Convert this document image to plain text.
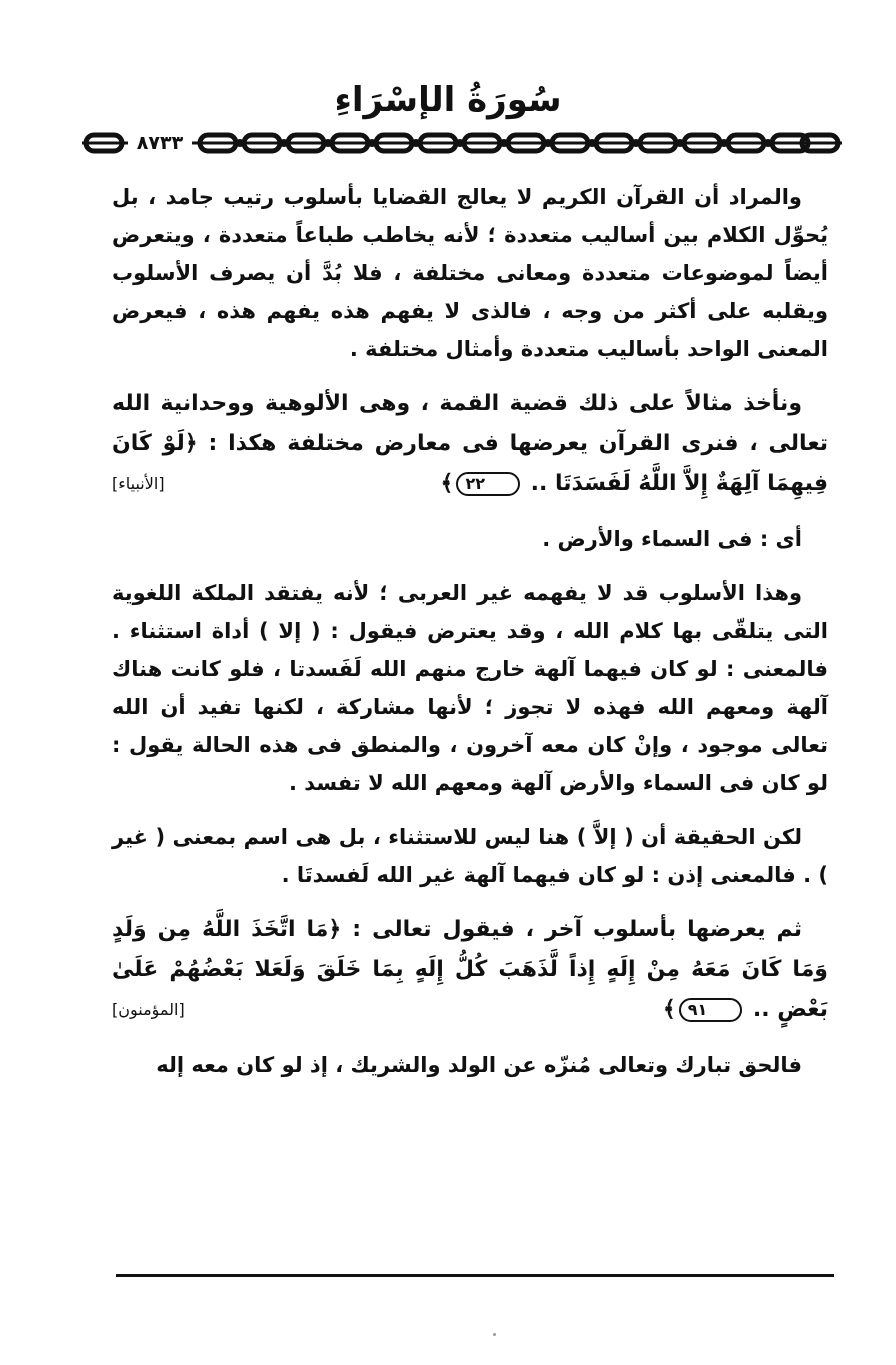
سُورَةُ الإسْرَاءِ
٨٧٣٣

والمراد أن القرآن الكريم لا يعالج القضايا بأسلوب رتيب جامد ، بل يُحوِّل الكلام بين أساليب متعددة ؛ لأنه يخاطب طباعاً متعددة ، ويتعرض أيضاً لموضوعات متعددة ومعانى مختلفة ، فلا بُدَّ أن يصرف الأسلوب ويقلبه على أكثر من وجه ، فالذى لا يفهم هذه يفهم هذه ، فيعرض المعنى الواحد بأساليب متعددة وأمثال مختلفة .

ونأخذ مثالاً على ذلك قضية القمة ، وهى الألوهية ووحدانية الله تعالى ، فنرى القرآن يعرضها فى معارض مختلفة هكذا : ﴿لَوْ كَانَ فِيهِمَا آلِهَةٌ إِلاَّ اللَّهُ لَفَسَدَتَا .. ٢٢﴾
[الأنبياء]

أى : فى السماء والأرض .

وهذا الأسلوب قد لا يفهمه غير العربى ؛ لأنه يفتقد الملكة اللغوية التى يتلقّى بها كلام الله ، وقد يعترض فيقول : ( إلا ) أداة استثناء . فالمعنى : لو كان فيهما آلهة خارج منهم الله لَفَسدتا ، فلو كانت هناك آلهة ومعهم الله فهذه لا تجوز ؛ لأنها مشاركة ، لكنها تفيد أن الله تعالى موجود ، وإنْ كان معه آخرون ، والمنطق فى هذه الحالة يقول : لو كان فى السماء والأرض آلهة ومعهم الله لا تفسد .

لكن الحقيقة أن ( إلاَّ ) هنا ليس للاستثناء ، بل هى اسم بمعنى ( غير ) . فالمعنى إذن : لو كان فيهما آلهة غير الله لَفسدتَا .

ثم يعرضها بأسلوب آخر ، فيقول تعالى : ﴿مَا اتَّخَذَ اللَّهُ مِن وَلَدٍ وَمَا كَانَ مَعَهُ مِنْ إِلَهٍ إِذاً لَّذَهَبَ كُلُّ إِلَهٍ بِمَا خَلَقَ وَلَعَلا بَعْضُهُمْ عَلَىٰ بَعْضٍ .. ٩١﴾
[المؤمنون]

فالحق تبارك وتعالى مُنزّه عن الولد والشريك ، إذ لو كان معه إله
